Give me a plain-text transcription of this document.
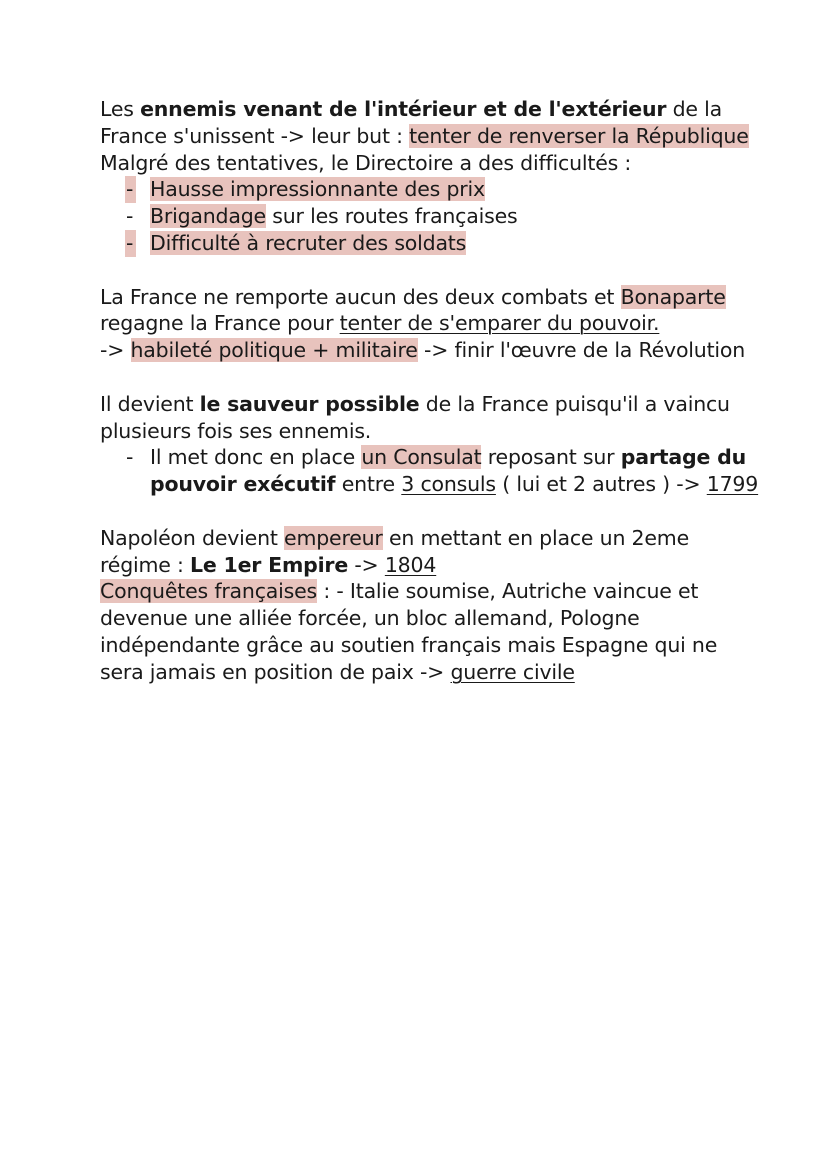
Les ennemis venant de l'intérieur et de l'extérieur de la France s'unissent -> leur but : tenter de renverser la République

Malgré des tentatives, le Directoire a des difficultés :

- Hausse impressionnante des prix
- Brigandage sur les routes françaises
- Difficulté à recruter des soldats

La France ne remporte aucun des deux combats et Bonaparte regagne la France pour tenter de s'emparer du pouvoir.

-> habileté politique + militaire -> finir l'œuvre de la Révolution

Il devient le sauveur possible de la France puisqu'il a vaincu plusieurs fois ses ennemis.

- Il met donc en place un Consulat reposant sur partage du pouvoir exécutif entre 3 consuls ( lui et 2 autres ) -> 1799

Napoléon devient empereur en mettant en place un 2eme régime : Le 1er Empire -> 1804

Conquêtes françaises : - Italie soumise, Autriche vaincue et devenue une alliée forcée, un bloc allemand, Pologne indépendante grâce au soutien français mais Espagne qui ne sera jamais en position de paix -> guerre civile
